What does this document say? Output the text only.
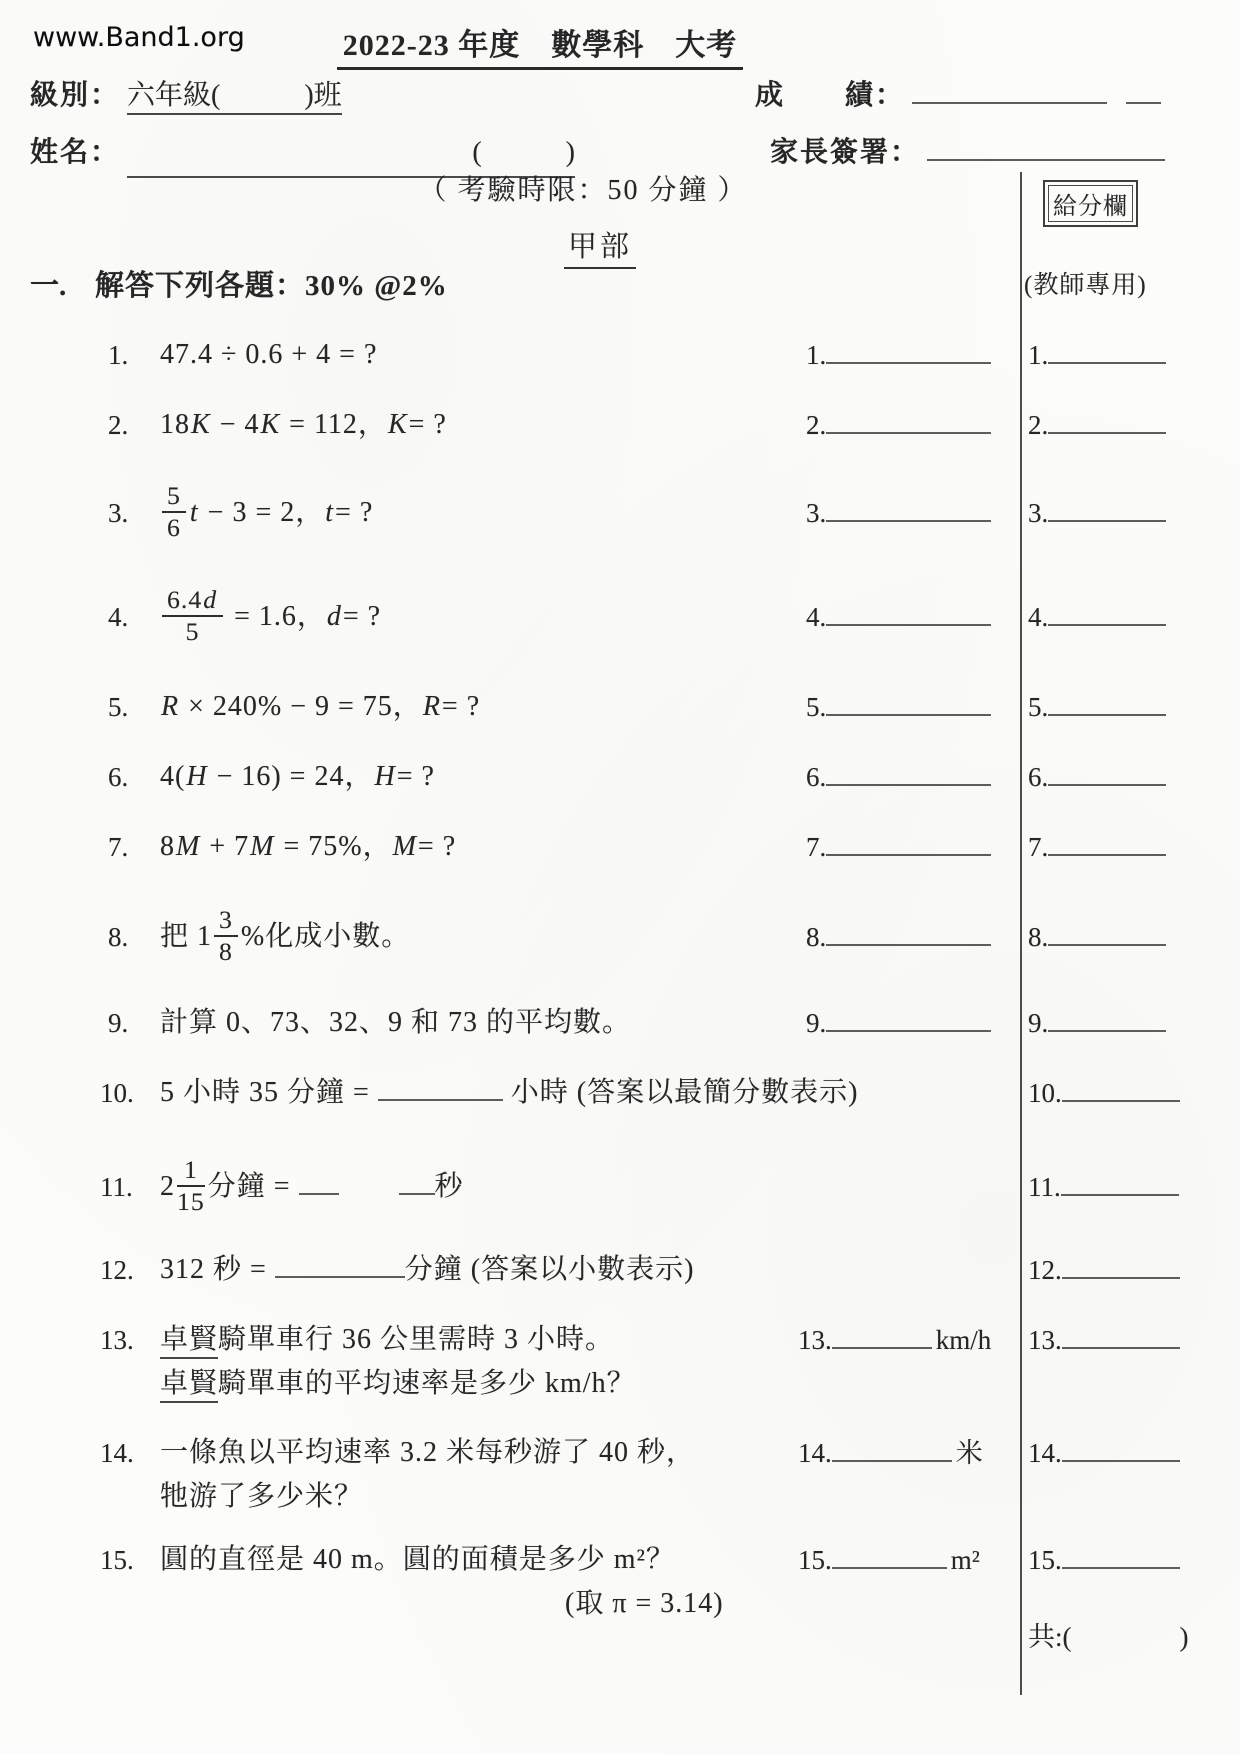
www.Band1.org	2022-23 年度　數學科　大考
級別： 六年級(　　　)班	成　　績：
姓名：	(　　　)	家長簽署：
（ 考驗時限：50 分鐘 ）
給分欄
甲部
一. 解答下列各題：30% @2%	(教師專用)
1. 47.4 ÷ 0.6 + 4 = ?	1.	1.
2. 18K − 4K = 112，K= ?	2.	2.
3. $\frac{5}{6}$ t − 3 = 2，t= ?	3.	3.
4. $\frac{6.4d}{5} = 1.6$，d= ?	4.	4.
5. R × 240% − 9 = 75，R= ?	5.	5.
6. 4(H − 16) = 24，H= ?	6.	6.
7. 8M + 7M = 75%，M= ?	7.	7.
8. 把 $1 \frac{3}{8}$ %化成小數。	8.	8.
9. 計算 0、73、32、9 和 73 的平均數。	9.	9.
10. 5 小時 35 分鐘 =	小時 (答案以最簡分數表示)	10.
11. $2 \frac{1}{15}$ 分鐘 =	秒	11.
12. 312 秒 =	分鐘 (答案以小數表示)	12.
13. 卓賢騎單車行 36 公里需時 3 小時。
卓賢騎單車的平均速率是多少 km/h？
13.	km/h 13.
14. 一條魚以平均速率 3.2 米每秒游了 40 秒，
牠游了多少米？
14.	米 14.
15. 圓的直徑是 40 m。圓的面積是多少 m²？
(取 π = 3.14)
15.	m² 15.
共:(　　　　)
